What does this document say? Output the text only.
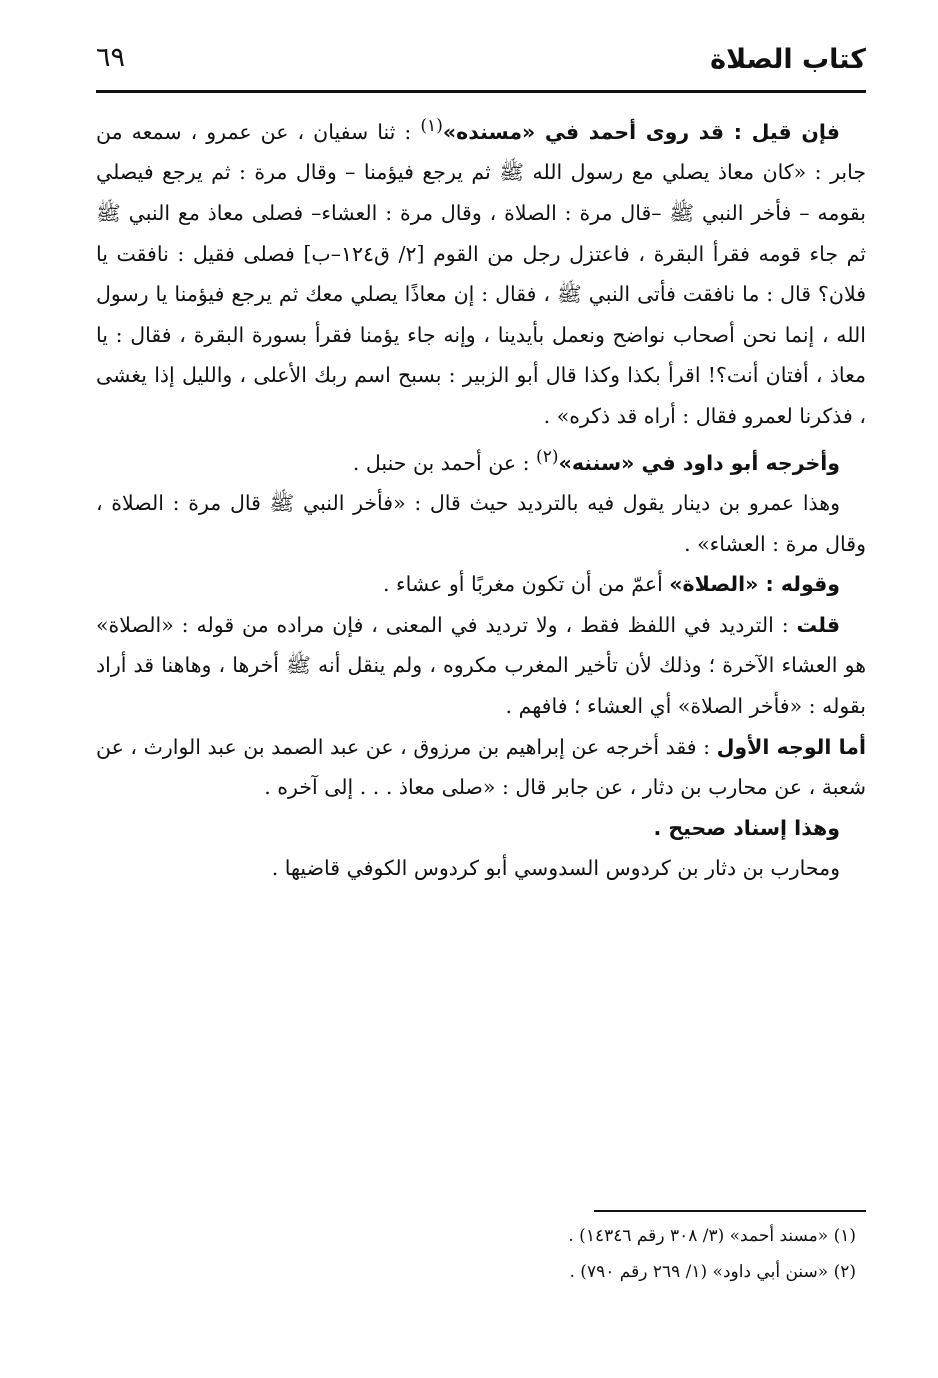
كتاب الصلاة
٦٩

فإن قيل : قد روى أحمد في «مسنده»$^{(١)}$ : ثنا سفيان ، عن عمرو ، سمعه من جابر : «كان معاذ يصلي مع رسول الله ﷺ ثم يرجع فيؤمنا – وقال مرة : ثم يرجع فيصلي بقومه – فأخر النبي ﷺ –قال مرة : الصلاة ، وقال مرة : العشاء– فصلى معاذ مع النبي ﷺ ثم جاء قومه فقرأ البقرة ، فاعتزل رجل من القوم [٢/ ق١٢٤–ب] فصلى فقيل : نافقت يا فلان؟ قال : ما نافقت فأتى النبي ﷺ ، فقال : إن معاذًا يصلي معك ثم يرجع فيؤمنا يا رسول الله ، إنما نحن أصحاب نواضح ونعمل بأيدينا ، وإنه جاء يؤمنا فقرأ بسورة البقرة ، فقال : يا معاذ ، أفتان أنت؟! اقرأ بكذا وكذا قال أبو الزبير : بسبح اسم ربك الأعلى ، والليل إذا يغشى ، فذكرنا لعمرو فقال : أراه قد ذكره» .

وأخرجه أبو داود في «سننه»$^{(٢)}$ : عن أحمد بن حنبل .

وهذا عمرو بن دينار يقول فيه بالترديد حيث قال : «فأخر النبي ﷺ قال مرة : الصلاة ، وقال مرة : العشاء» .

وقوله : «الصلاة» أعمّ من أن تكون مغربًا أو عشاء .

قلت : الترديد في اللفظ فقط ، ولا ترديد في المعنى ، فإن مراده من قوله : «الصلاة» هو العشاء الآخرة ؛ وذلك لأن تأخير المغرب مكروه ، ولم ينقل أنه ﷺ أخرها ، وهاهنا قد أراد بقوله : «فأخر الصلاة» أي العشاء ؛ فافهم .

أما الوجه الأول : فقد أخرجه عن إبراهيم بن مرزوق ، عن عبد الصمد بن عبد الوارث ، عن شعبة ، عن محارب بن دثار ، عن جابر قال : «صلى معاذ . . . إلى آخره .

وهذا إسناد صحيح .

ومحارب بن دثار بن كردوس السدوسي أبو كردوس الكوفي قاضيها .

(١) «مسند أحمد» (٣/ ٣٠٨ رقم ١٤٣٤٦) .

(٢) «سنن أبي داود» (١/ ٢٦٩ رقم ٧٩٠) .
